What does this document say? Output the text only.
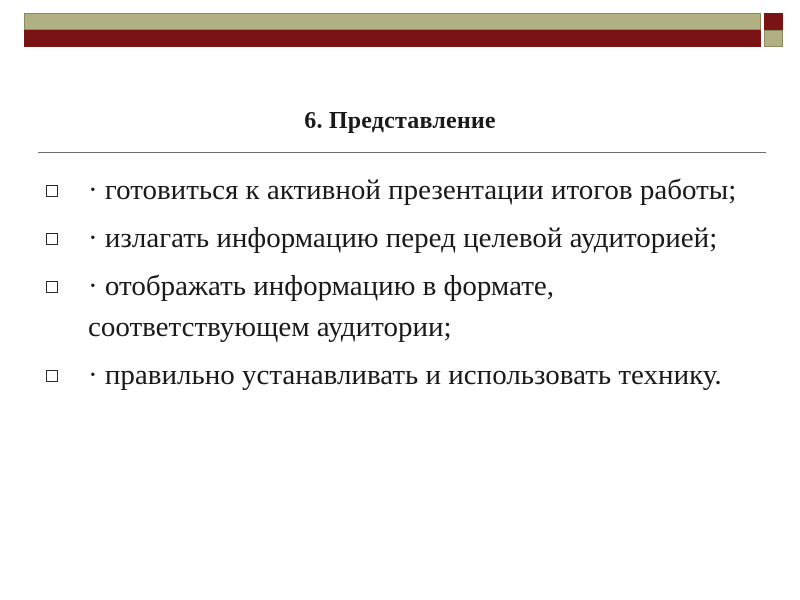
6. Представление
· готовиться к активной презентации итогов работы;
· излагать информацию перед целевой аудиторией;
· отображать информацию в формате, соответствующем аудитории;
· правильно устанавливать и использовать технику.
